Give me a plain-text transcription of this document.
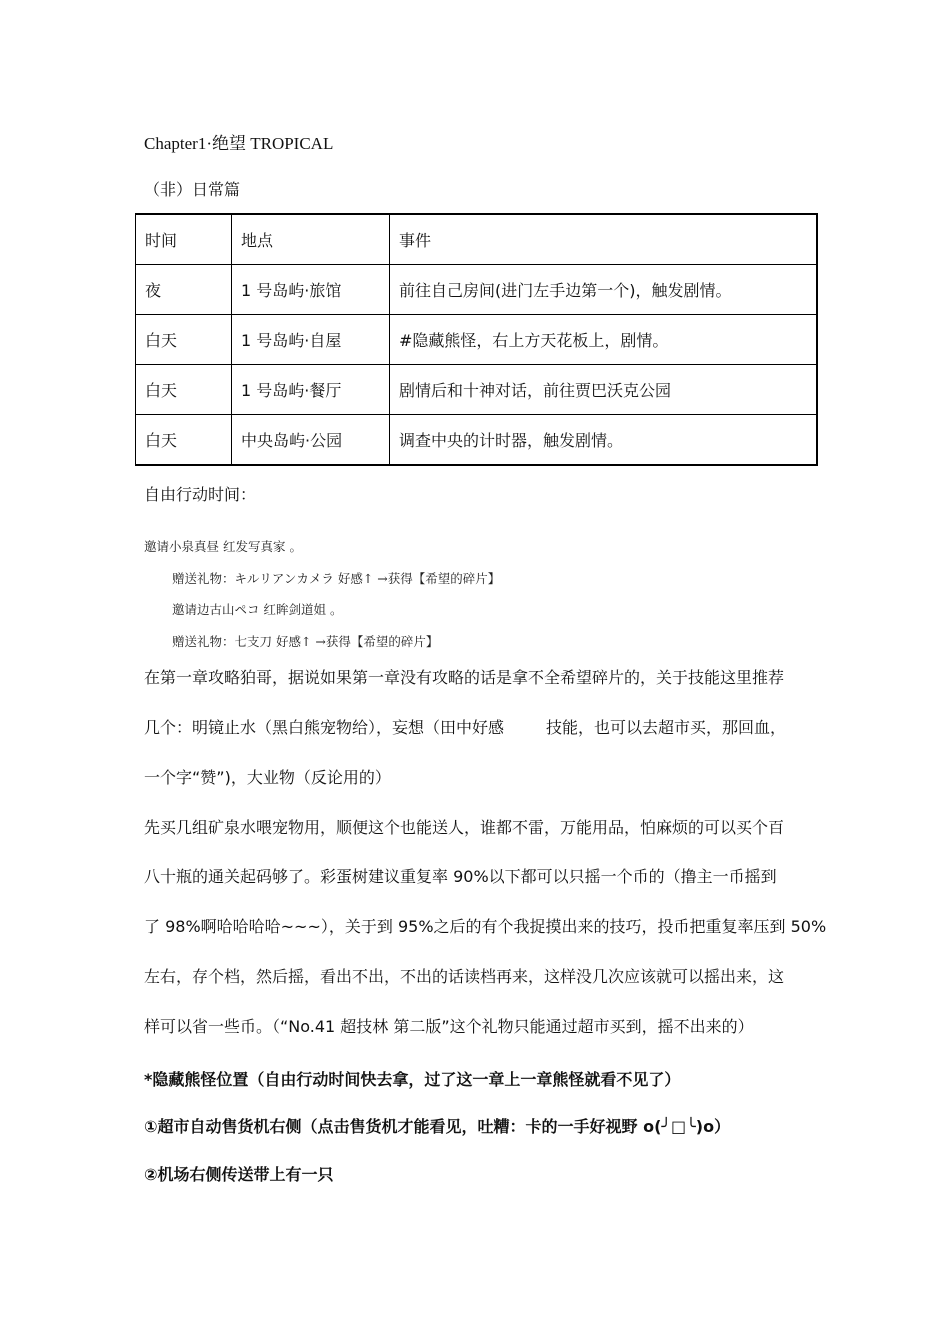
Chapter1·绝望 TROPICAL
（非）日常篇
时间	地点	事件
夜	1 号岛屿·旅馆	前往自己房间(进门左手边第一个)，触发剧情。
白天	1 号岛屿·自屋	#隐藏熊怪，右上方天花板上，剧情。
白天	1 号岛屿·餐厅	剧情后和十神对话，前往贾巴沃克公园
白天	中央岛屿·公园	调查中央的计时器，触发剧情。
自由行动时间：
邀请小泉真昼 红发写真家 。
赠送礼物：キルリアンカメラ 好感↑ →获得【希望的碎片】
邀请边古山ペコ 红眸剑道姐 。
赠送礼物：七支刀 好感↑ →获得【希望的碎片】
在第一章攻略狛哥，据说如果第一章没有攻略的话是拿不全希望碎片的，关于技能这里推荐
几个：明镜止水（黑白熊宠物给），妄想（田中好感	技能，也可以去超市买，那回血，
一个字“赞”)，大业物（反论用的）
先买几组矿泉水喂宠物用，顺便这个也能送人，谁都不雷，万能用品，怕麻烦的可以买个百
八十瓶的通关起码够了。彩蛋树建议重复率 90%以下都可以只摇一个币的（撸主一币摇到
了 98%啊哈哈哈哈~~~），关于到 95%之后的有个我捉摸出来的技巧，投币把重复率压到 50%
左右，存个档，然后摇，看出不出，不出的话读档再来，这样没几次应该就可以摇出来，这
样可以省一些币。（“No.41 超技林 第二版”这个礼物只能通过超市买到，摇不出来的）
*隐藏熊怪位置（自由行动时间快去拿，过了这一章上一章熊怪就看不见了）
①超市自动售货机右侧（点击售货机才能看见，吐糟：卡的一手好视野 o(╯□╰)o）
②机场右侧传送带上有一只
